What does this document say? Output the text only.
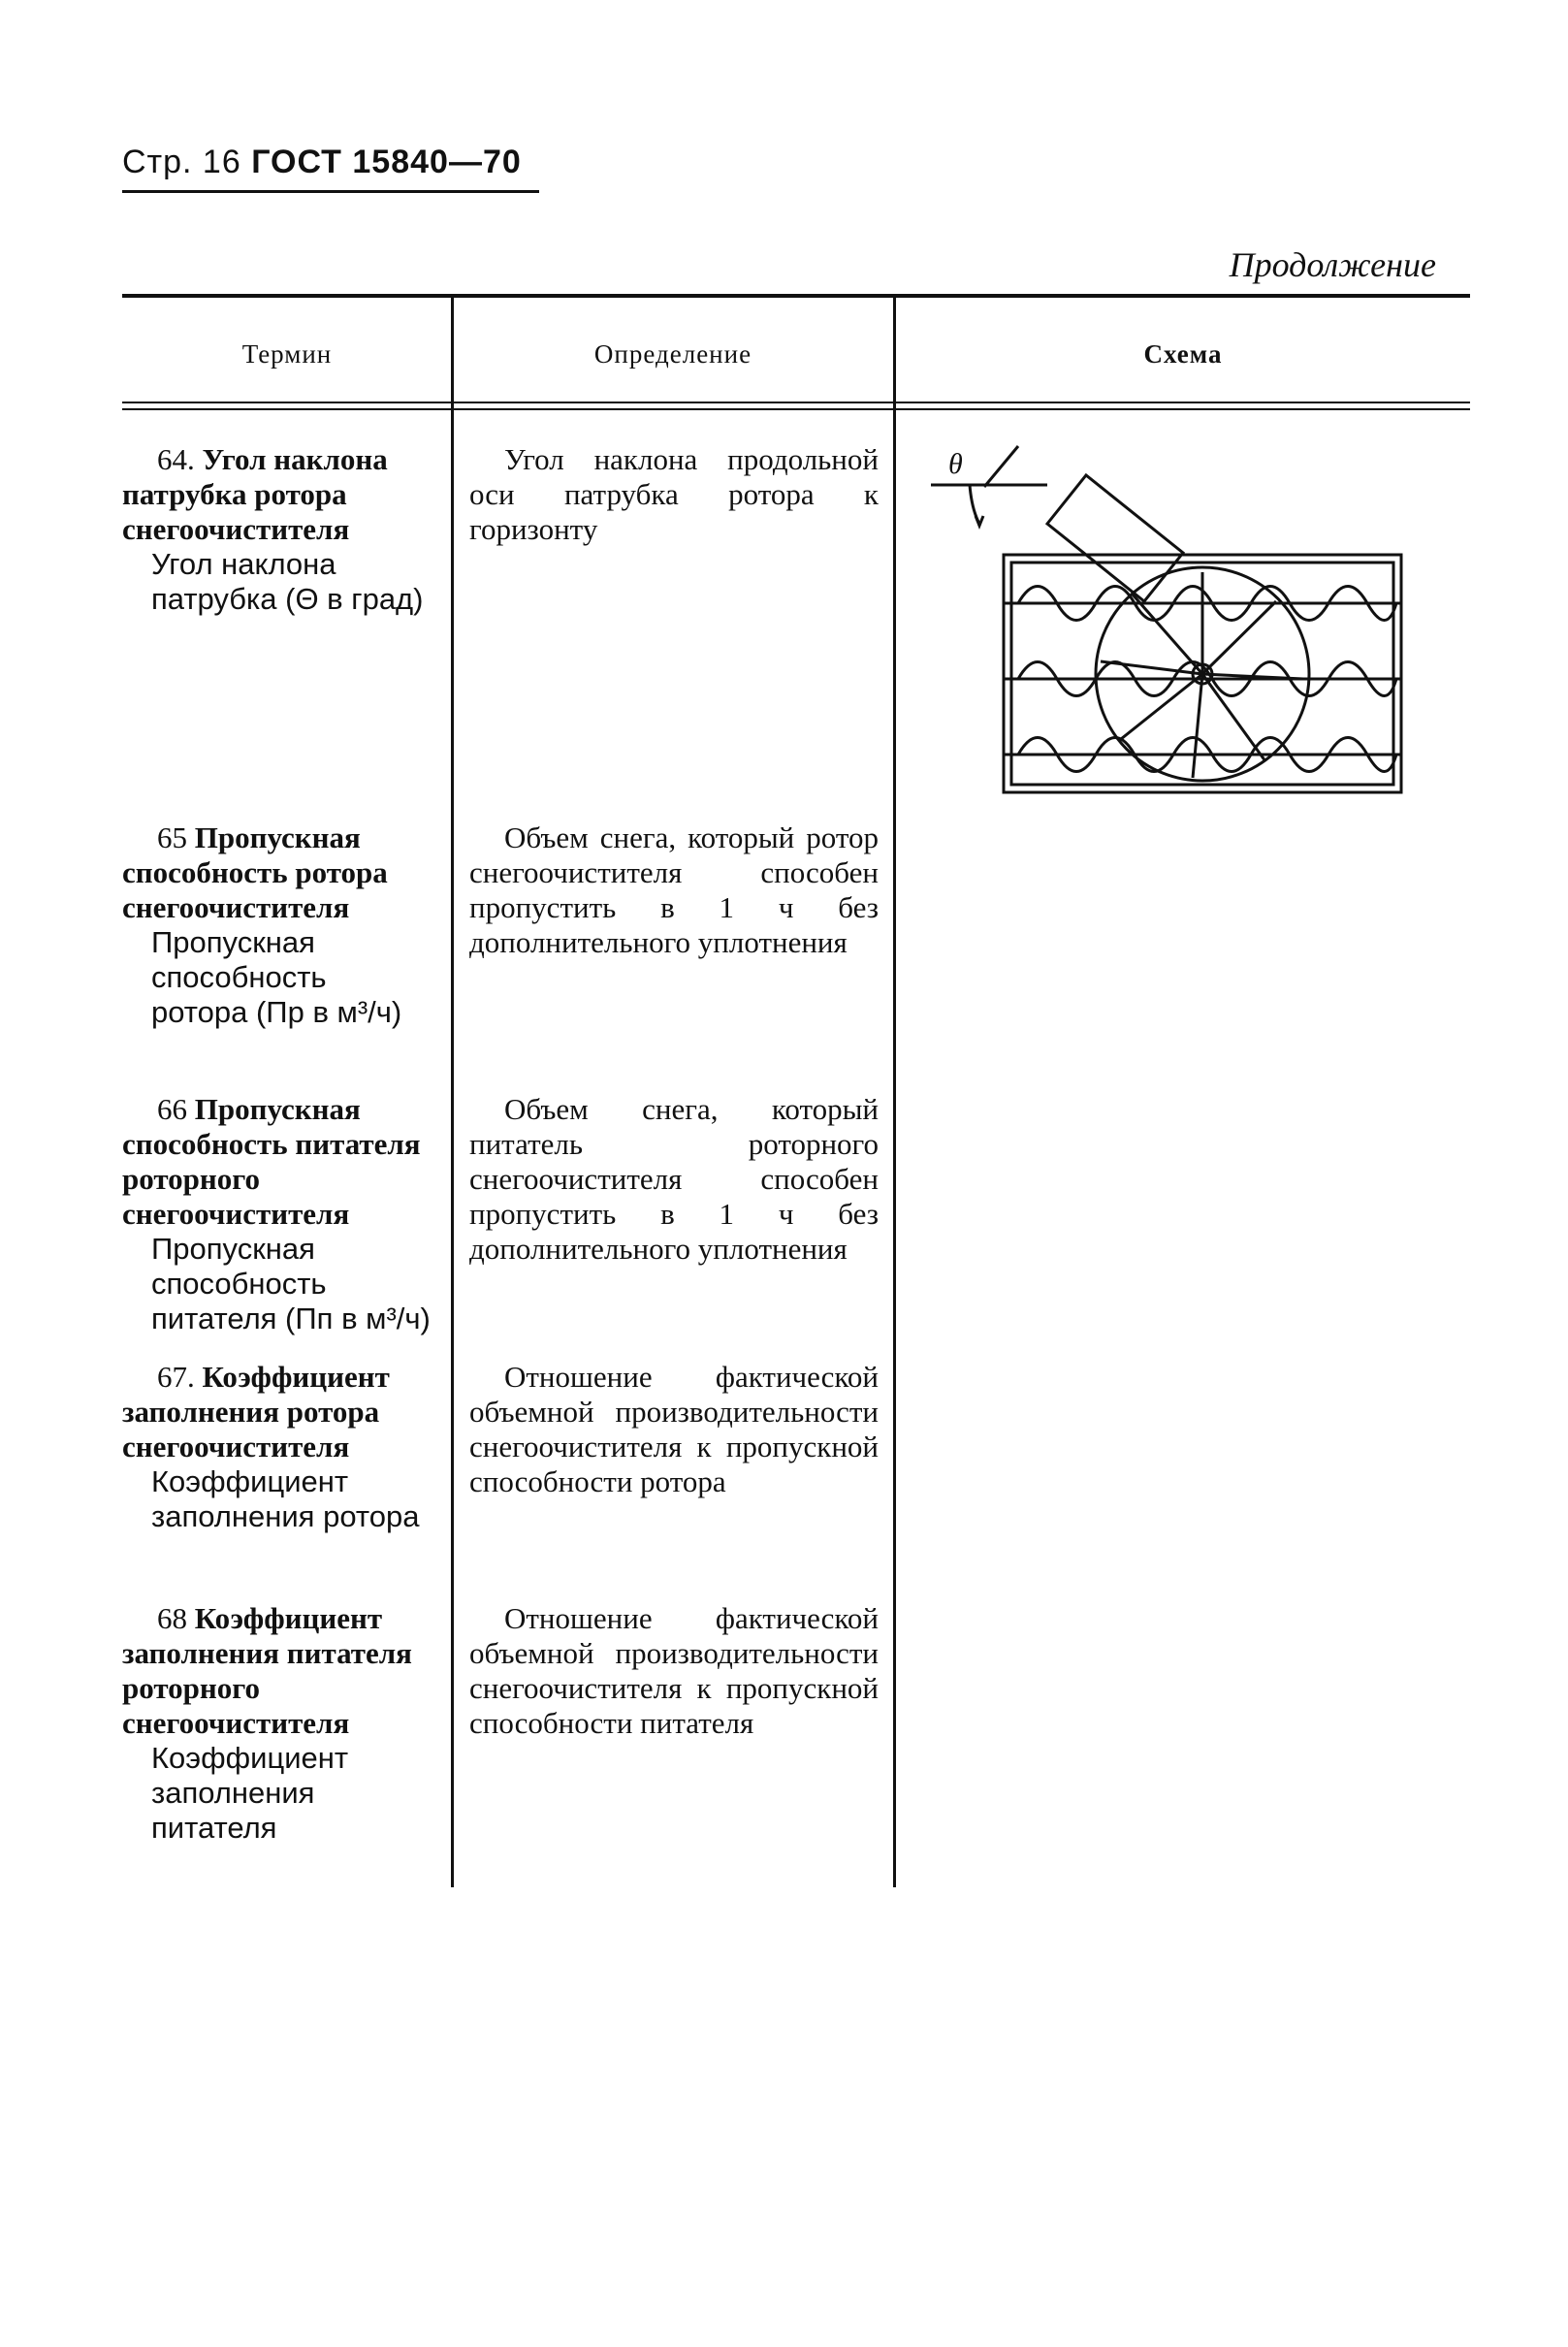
Стр. 16 ГОСТ 15840—70
Продолжение
Термин	Определение	Схема
64. Угол наклона патрубка ротора снегоочистителя
Угол наклона патрубка (Θ в град)
Угол наклона продольной оси патрубка ротора к горизонту
65 Пропускная способность ротора снегоочистителя
Пропускная способность ротора (Пр в м³/ч)
Объем снега, который ротор снегоочистителя способен пропустить в 1 ч без дополнительного уплотнения
66 Пропускная способность питателя роторного снегоочистителя
Пропускная способность питателя (Пп в м³/ч)
Объем снега, который питатель роторного снегоочистителя способен пропустить в 1 ч без дополнительного уплотнения
67. Коэффициент заполнения ротора снегоочистителя
Коэффициент заполнения ротора
Отношение фактической объемной производительности снегоочистителя к пропускной способности ротора
68 Коэффициент заполнения питателя роторного снегоочистителя
Коэффициент заполнения питателя
Отношение фактической объемной производительности снегоочистителя к пропускной способности питателя
θ
